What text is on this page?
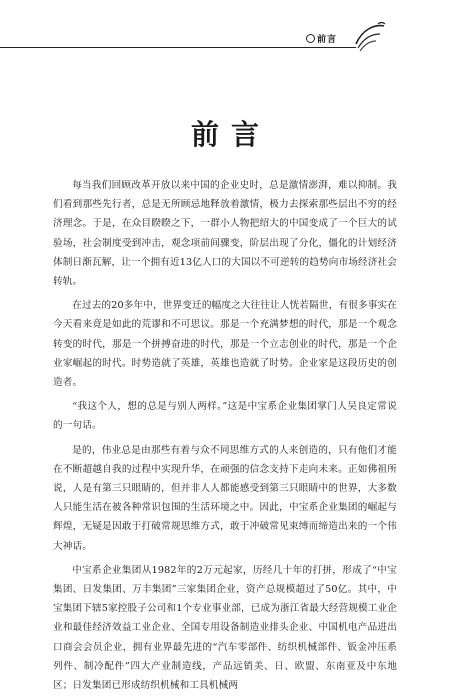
前言
前言

每当我们回顾改革开放以来中国的企业史时，总是激情澎湃，难以抑制。我们看到那些先行者，总是无所顾忌地释放着激情，极力去探索那些层出不穷的经济理念。于是，在众目睽睽之下，一群小人物把绍大的中国变成了一个巨大的试验场，社会制度受到冲击，观念项前间骤变，阶层出现了分化，僵化的计划经济体制日渐瓦解，让一个拥有近13亿人口的大国以不可逆转的趋势向市场经济社会转轨。

在过去的20多年中，世界变迁的幅度之大往往让人恍若隔世，有很多事实在今天看来竟是如此的荒谬和不可思议。那是一个充满梦想的时代，那是一个观念转变的时代，那是一个拼搏奋进的时代，那是一个立志创业的时代，那是一个企业家崛起的时代。时势造就了英雄，英雄也造就了时势。企业家是这段历史的创造者。

“我这个人，想的总是与别人两样。”这是中宝系企业集团掌门人吴良定常说的一句话。

是的，伟业总是由那些有着与众不同思维方式的人来创造的，只有他们才能在不断超越自我的过程中实现升华，在顽强的信念支持下走向未来。正如佛祖所说，人是有第三只眼睛的，但并非人人都能感受到第三只眼睛中的世界，大多数人只能生活在被各种常识包围的生活环境之中。因此，中宝系企业集团的崛起与辉煌，无疑是因敢于打破常规思维方式，敢于冲破常见束缚而缔造出来的一个伟大神话。

中宝系企业集团从1982年的2万元起家，历经几十年的打拼，形成了“中宝集团、日发集团、万丰集团”三家集团企业，资产总规模超过了50亿。其中，中宝集团下辖5家控股子公司和1个专业事业部，已成为浙江省最大经营规模工业企业和最佳经济效益工业企业、全国专用设备制造业排头企业、中国机电产品进出口商会会员企业，拥有业界最先进的“汽车零部件、纺织机械部件、钣金冲压系列件、制冷配件”四大产业制造线，产品远销美、日、欧盟、东南亚及中东地区；日发集团已形成纺织机械和工具机械两
